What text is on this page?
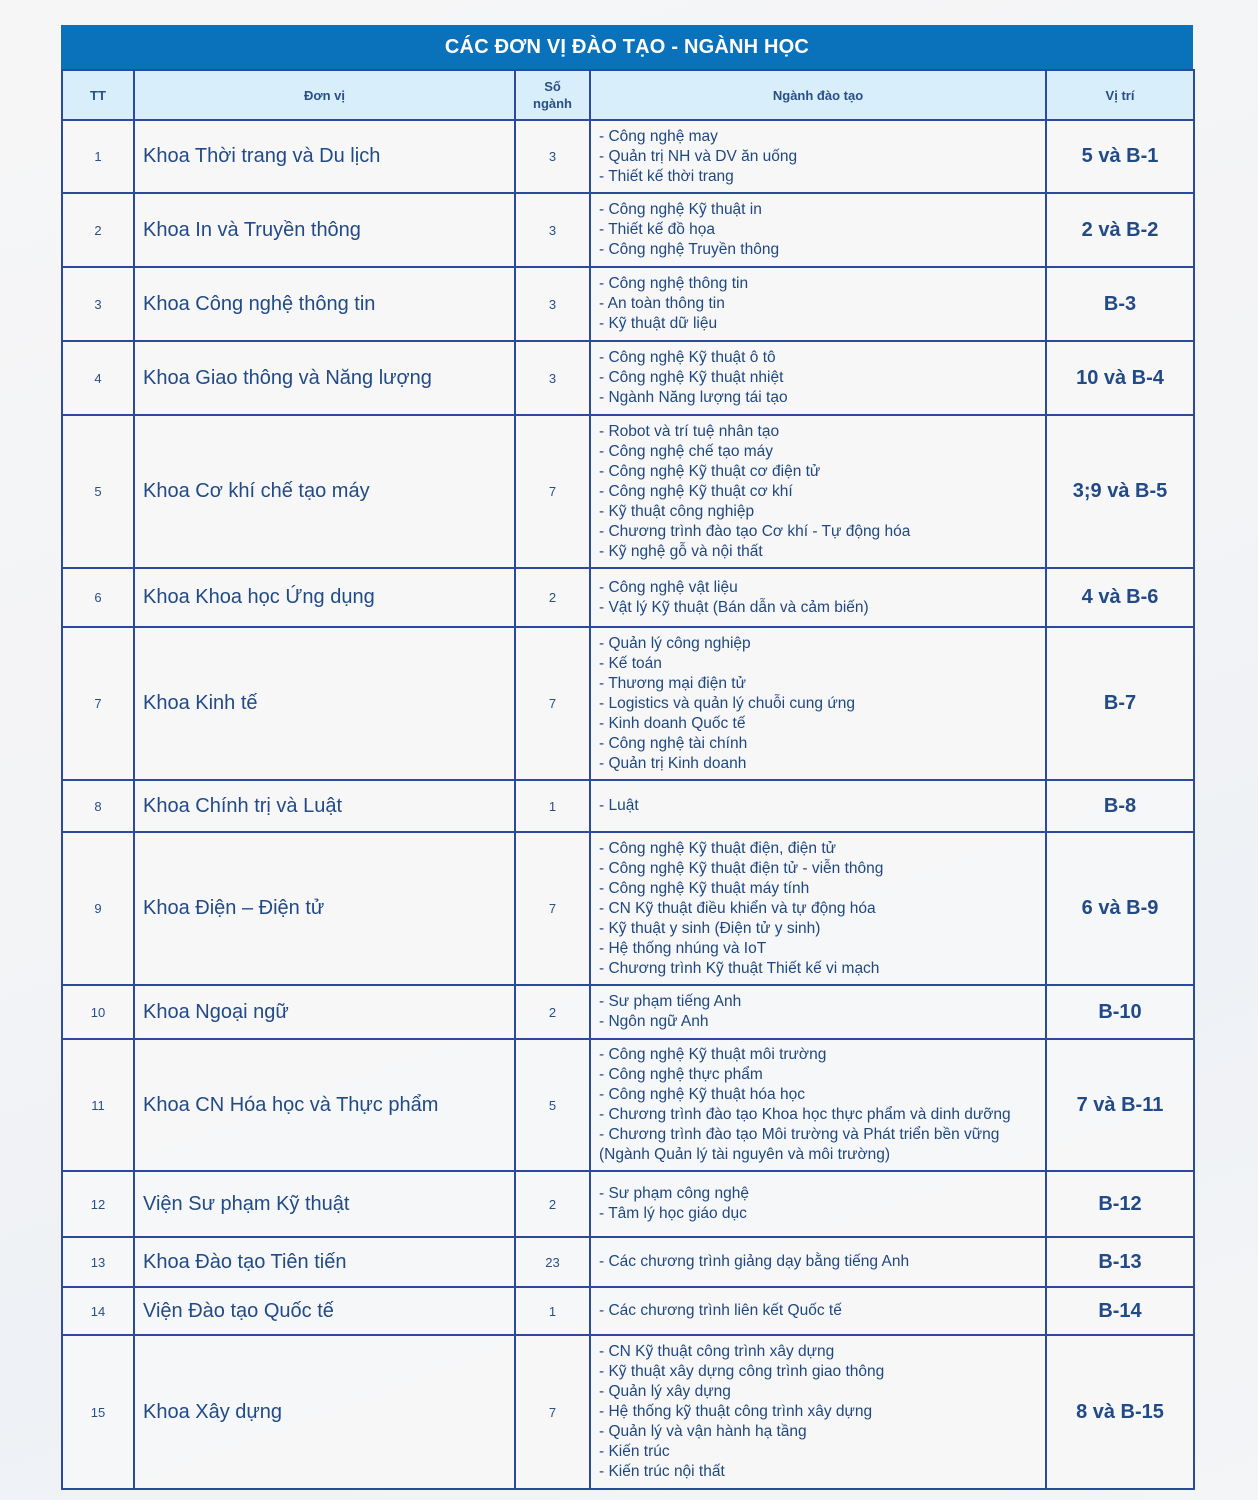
CÁC ĐƠN VỊ ĐÀO TẠO - NGÀNH HỌC
TT	Đơn vị	Số
ngành	Ngành đào tạo	Vị trí
1	Khoa Thời trang và Du lịch	3	- Công nghệ may
- Quản trị NH và DV ăn uống
- Thiết kế thời trang	5 và B-1
2	Khoa In và Truyền thông	3	- Công nghệ Kỹ thuật in
- Thiết kế đồ họa
- Công nghệ Truyền thông	2 và B-2
3	Khoa Công nghệ thông tin	3	- Công nghệ thông tin
- An toàn thông tin
- Kỹ thuật dữ liệu	B-3
4	Khoa Giao thông và Năng lượng	3	- Công nghệ Kỹ thuật ô tô
- Công nghệ Kỹ thuật nhiệt
- Ngành Năng lượng tái tạo	10 và B-4
5	Khoa Cơ khí chế tạo máy	7	
- Robot và trí tuệ nhân tạo
- Công nghệ chế tạo máy
- Công nghệ Kỹ thuật cơ điện tử
- Công nghệ Kỹ thuật cơ khí
- Kỹ thuật công nghiệp
- Chương trình đào tạo Cơ khí - Tự động hóa
- Kỹ nghệ gỗ và nội thất
	3;9 và B-5
6	Khoa Khoa học Ứng dụng	2	- Công nghệ vật liệu
- Vật lý Kỹ thuật (Bán dẫn và cảm biến)	4 và B-6
7	Khoa Kinh tế	7	
- Quản lý công nghiệp
- Kế toán
- Thương mại điện tử
- Logistics và quản lý chuỗi cung ứng
- Kinh doanh Quốc tế
- Công nghệ tài chính
- Quản trị Kinh doanh
	B-7
8	Khoa Chính trị và Luật	1	- Luật	B-8
9	Khoa Điện – Điện tử	7	
- Công nghệ Kỹ thuật điện, điện tử
- Công nghệ Kỹ thuật điện tử - viễn thông
- Công nghệ Kỹ thuật máy tính
- CN Kỹ thuật điều khiển và tự động hóa
- Kỹ thuật y sinh (Điện tử y sinh)
- Hệ thống nhúng và IoT
- Chương trình Kỹ thuật Thiết kế vi mạch
	6 và B-9
10	Khoa Ngoại ngữ	2	- Sư phạm tiếng Anh
- Ngôn ngữ Anh	B-10
11	Khoa CN Hóa học và Thực phẩm	5	
- Công nghệ Kỹ thuật môi trường
- Công nghệ thực phẩm
- Công nghệ Kỹ thuật hóa học
- Chương trình đào tạo Khoa học thực phẩm và dinh dưỡng
- Chương trình đào tạo Môi trường và Phát triển bền vững
(Ngành Quản lý tài nguyên và môi trường)
	7 và B-11
12	Viện Sư phạm Kỹ thuật	2	- Sư phạm công nghệ
- Tâm lý học giáo dục	B-12
13	Khoa Đào tạo Tiên tiến	23	- Các chương trình giảng dạy bằng tiếng Anh	B-13
14	Viện Đào tạo Quốc tế	1	- Các chương trình liên kết Quốc tế	B-14
15	Khoa Xây dựng	7	
- CN Kỹ thuật công trình xây dựng
- Kỹ thuật xây dựng công trình giao thông
- Quản lý xây dựng
- Hệ thống kỹ thuật công trình xây dựng
- Quản lý và vận hành hạ tầng
- Kiến trúc
- Kiến trúc nội thất
	8 và B-15
